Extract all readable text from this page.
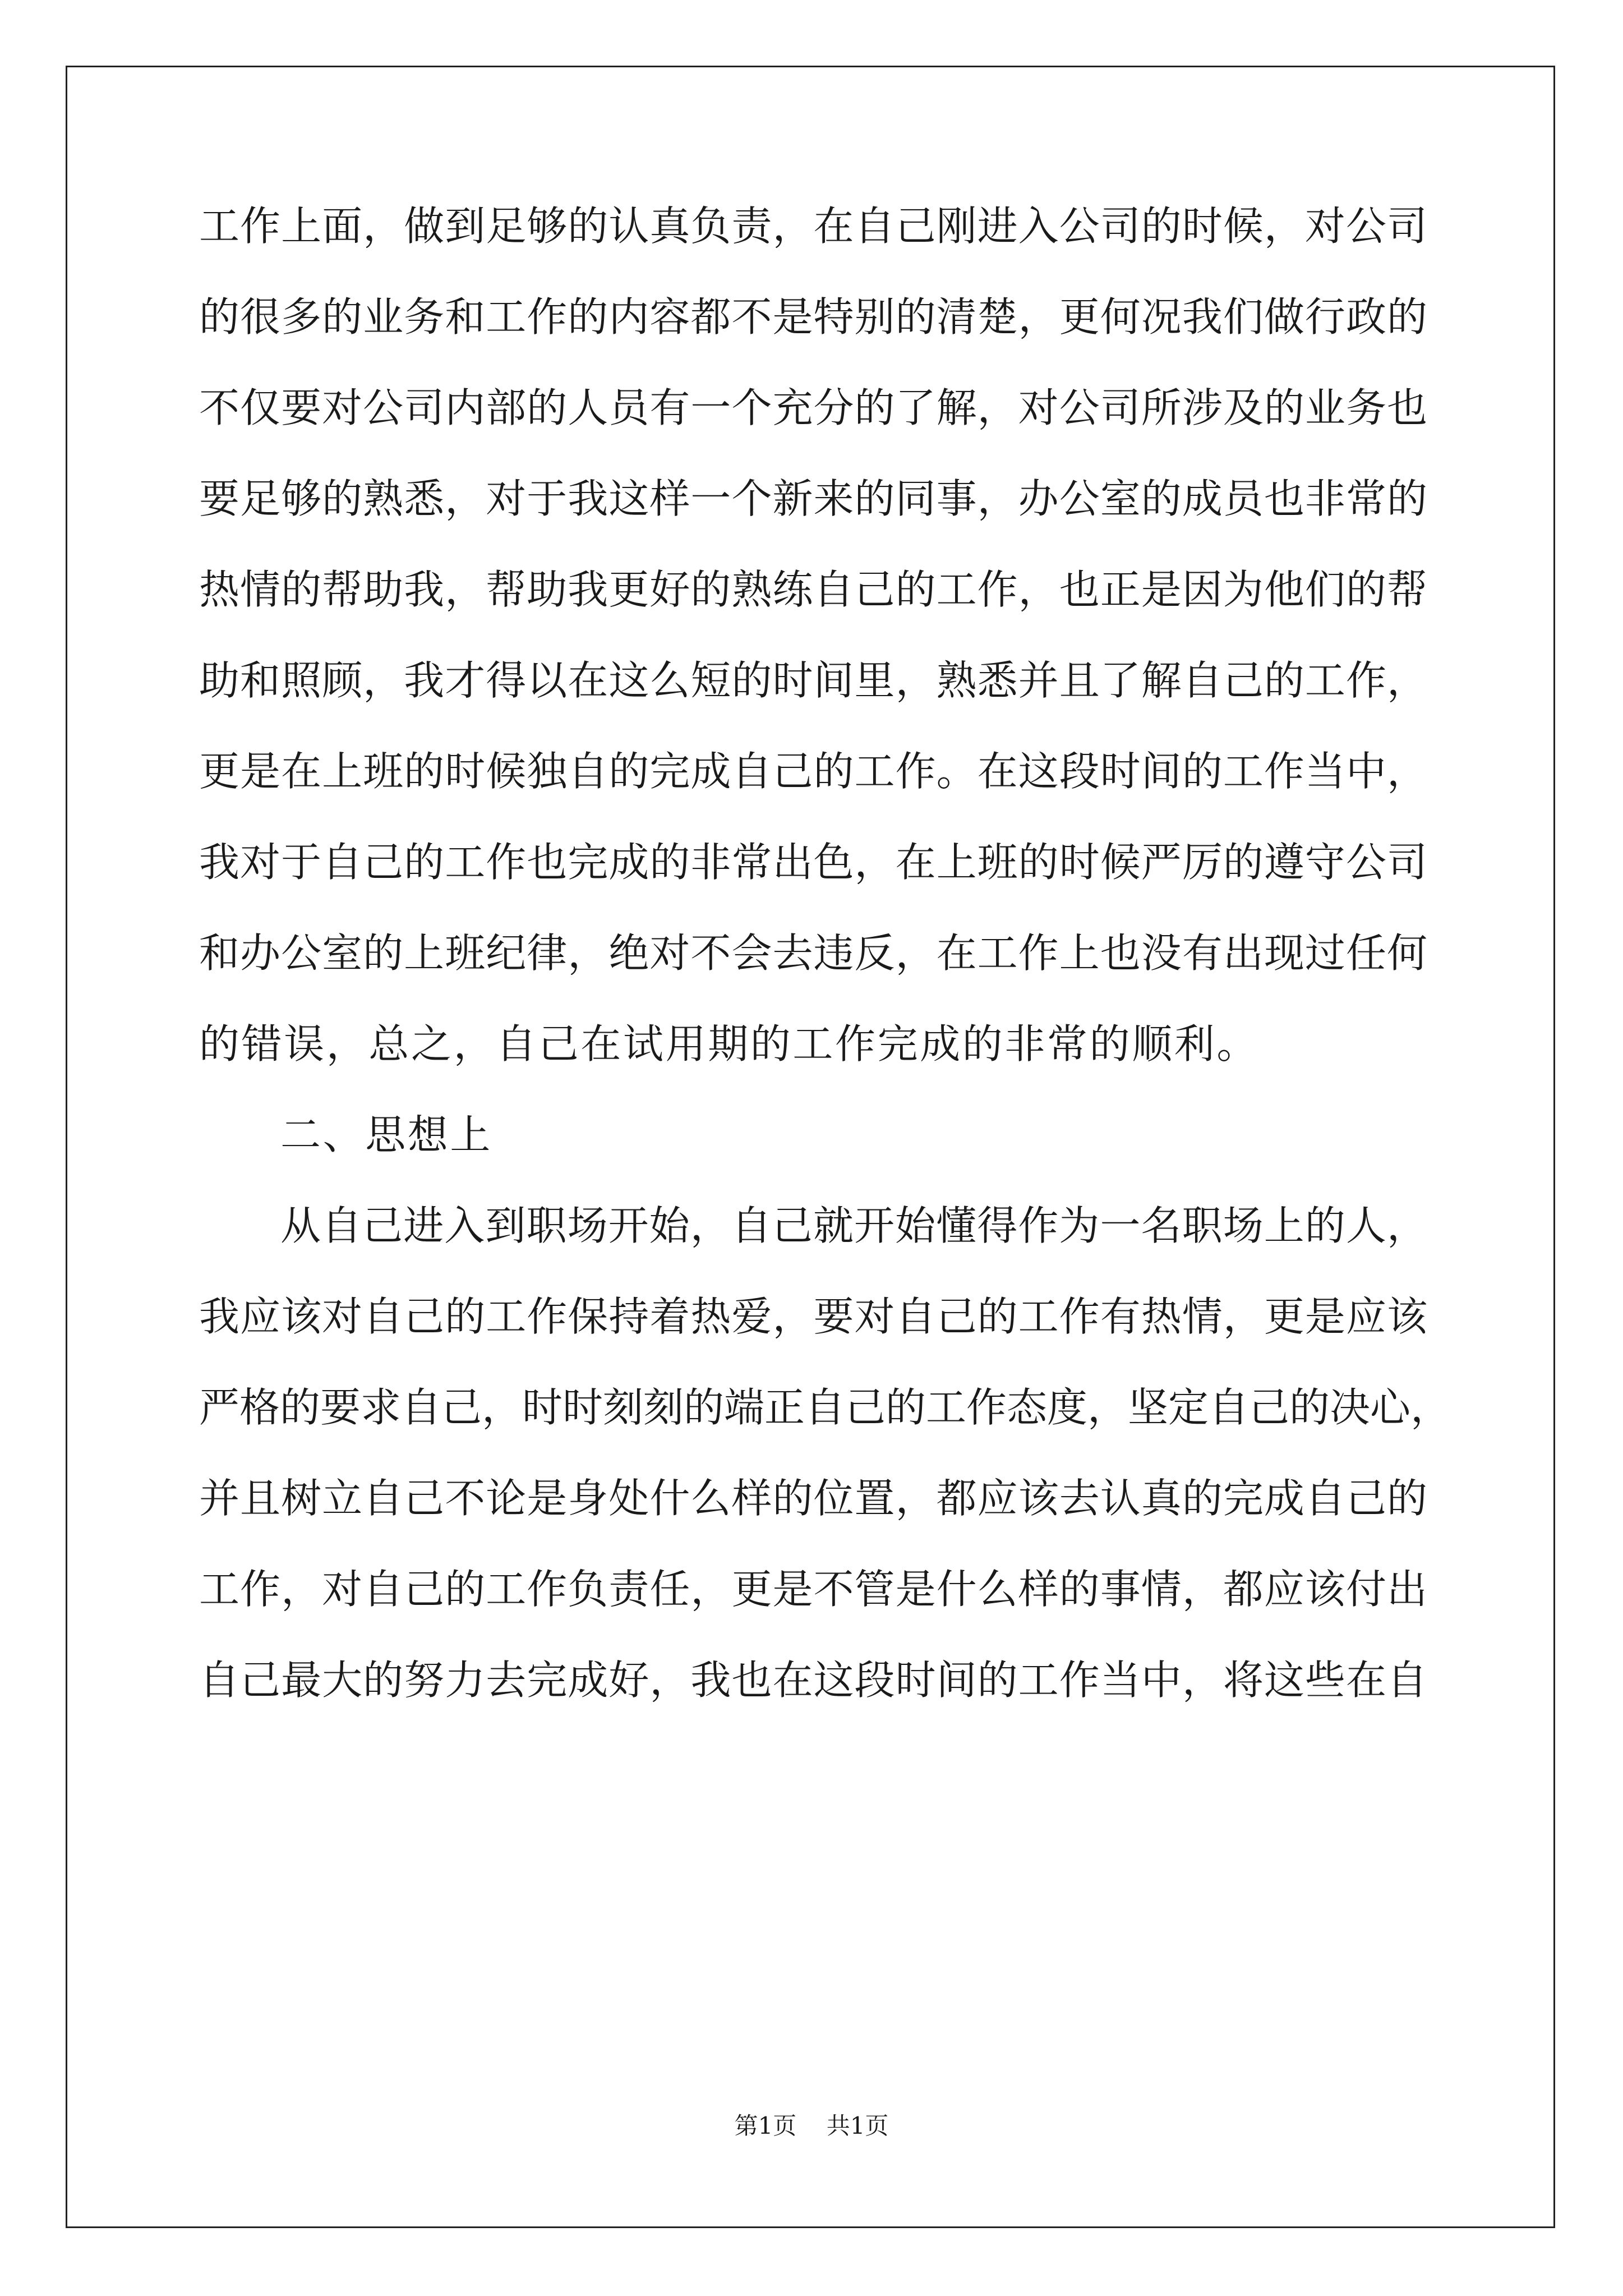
工作上面，做到足够的认真负责，在自己刚进入公司的时候，对公司
的很多的业务和工作的内容都不是特别的清楚，更何况我们做行政的
不仅要对公司内部的人员有一个充分的了解，对公司所涉及的业务也
要足够的熟悉，对于我这样一个新来的同事，办公室的成员也非常的
热情的帮助我，帮助我更好的熟练自己的工作，也正是因为他们的帮
助和照顾，我才得以在这么短的时间里，熟悉并且了解自己的工作，
更是在上班的时候独自的完成自己的工作。在这段时间的工作当中，
我对于自己的工作也完成的非常出色，在上班的时候严厉的遵守公司
和办公室的上班纪律，绝对不会去违反，在工作上也没有出现过任何
的错误，总之，自己在试用期的工作完成的非常的顺利。
二、思想上
从自己进入到职场开始，自己就开始懂得作为一名职场上的人，
我应该对自己的工作保持着热爱，要对自己的工作有热情，更是应该
严格的要求自己，时时刻刻的端正自己的工作态度，坚定自己的决心，
并且树立自己不论是身处什么样的位置，都应该去认真的完成自己的
工作，对自己的工作负责任，更是不管是什么样的事情，都应该付出
自己最大的努力去完成好，我也在这段时间的工作当中，将这些在自
第1页 共1页
